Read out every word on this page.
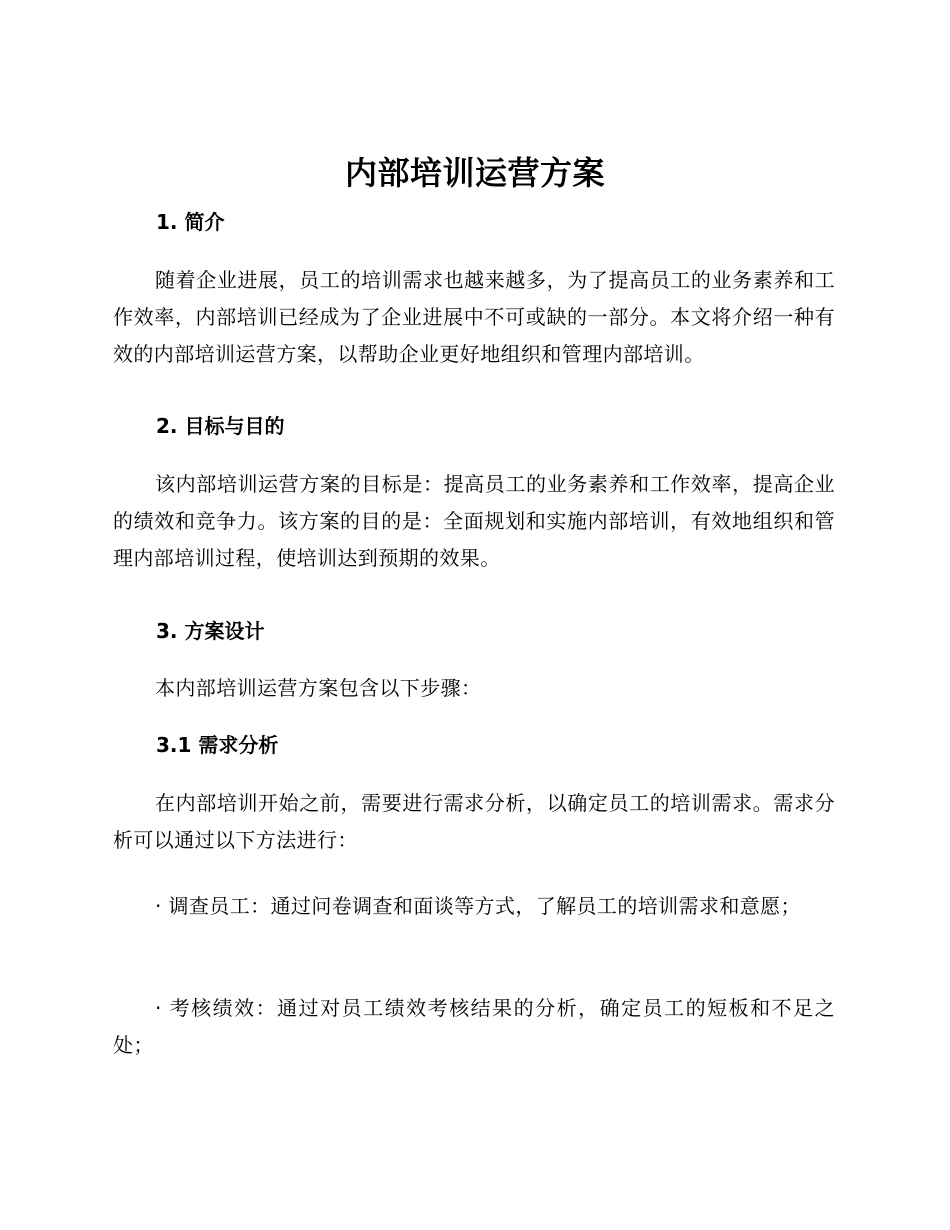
内部培训运营方案
1. 简介

随着企业进展，员工的培训需求也越来越多，为了提高员工的业务素养和工作效率，内部培训已经成为了企业进展中不可或缺的一部分。本文将介绍一种有效的内部培训运营方案，以帮助企业更好地组织和管理内部培训。

2. 目标与目的

该内部培训运营方案的目标是：提高员工的业务素养和工作效率，提高企业的绩效和竞争力。该方案的目的是：全面规划和实施内部培训，有效地组织和管理内部培训过程，使培训达到预期的效果。

3. 方案设计

本内部培训运营方案包含以下步骤：

3.1 需求分析

在内部培训开始之前，需要进行需求分析，以确定员工的培训需求。需求分析可以通过以下方法进行：

· 调查员工：通过问卷调查和面谈等方式，了解员工的培训需求和意愿；

· 考核绩效：通过对员工绩效考核结果的分析，确定员工的短板和不足之处；
